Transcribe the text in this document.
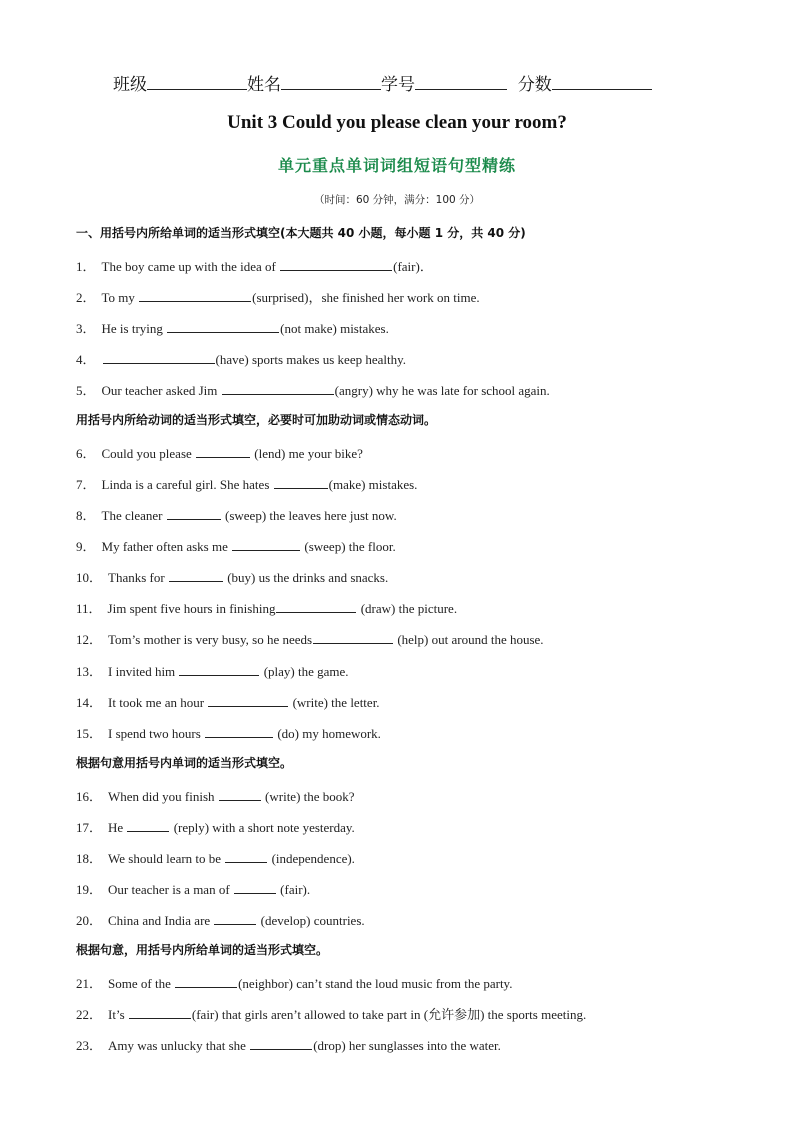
班级	姓名	学号	分数
Unit 3 Could you please clean your room?
单元重点单词词组短语句型精练
（时间：60 分钟，满分：100 分）
一、用括号内所给单词的适当形式填空(本大题共 40 小题，每小题 1 分，共 40 分)
1． The boy came up with the idea of	(fair)．
2． To my	(surprised)，she finished her work on time.
3． He is trying	(not make) mistakes.
4．	(have) sports makes us keep healthy.
5． Our teacher asked Jim	(angry) why he was late for school again.
用括号内所给动词的适当形式填空，必要时可加助动词或情态动词。
6． Could you please	(lend) me your bike?
7． Linda is a careful girl. She hates	(make) mistakes.
8． The cleaner	(sweep) the leaves here just now.
9． My father often asks me	(sweep) the floor.
10． Thanks for	(buy) us the drinks and snacks.
11． Jim spent five hours in finishing	(draw) the picture.
12． Tom’s mother is very busy, so he needs	(help) out around the house.
13． I invited him	(play) the game.
14． It took me an hour	(write) the letter.
15． I spend two hours	(do) my homework.
根据句意用括号内单词的适当形式填空。
16． When did you finish	(write) the book?
17． He	(reply) with a short note yesterday.
18． We should learn to be	(independence).
19． Our teacher is a man of	(fair).
20． China and India are	(develop) countries.
根据句意，用括号内所给单词的适当形式填空。
21． Some of the	(neighbor) can’t stand the loud music from the party.
22． It’s	(fair) that girls aren’t allowed to take part in (允许参加) the sports meeting.
23． Amy was unlucky that she	(drop) her sunglasses into the water.
